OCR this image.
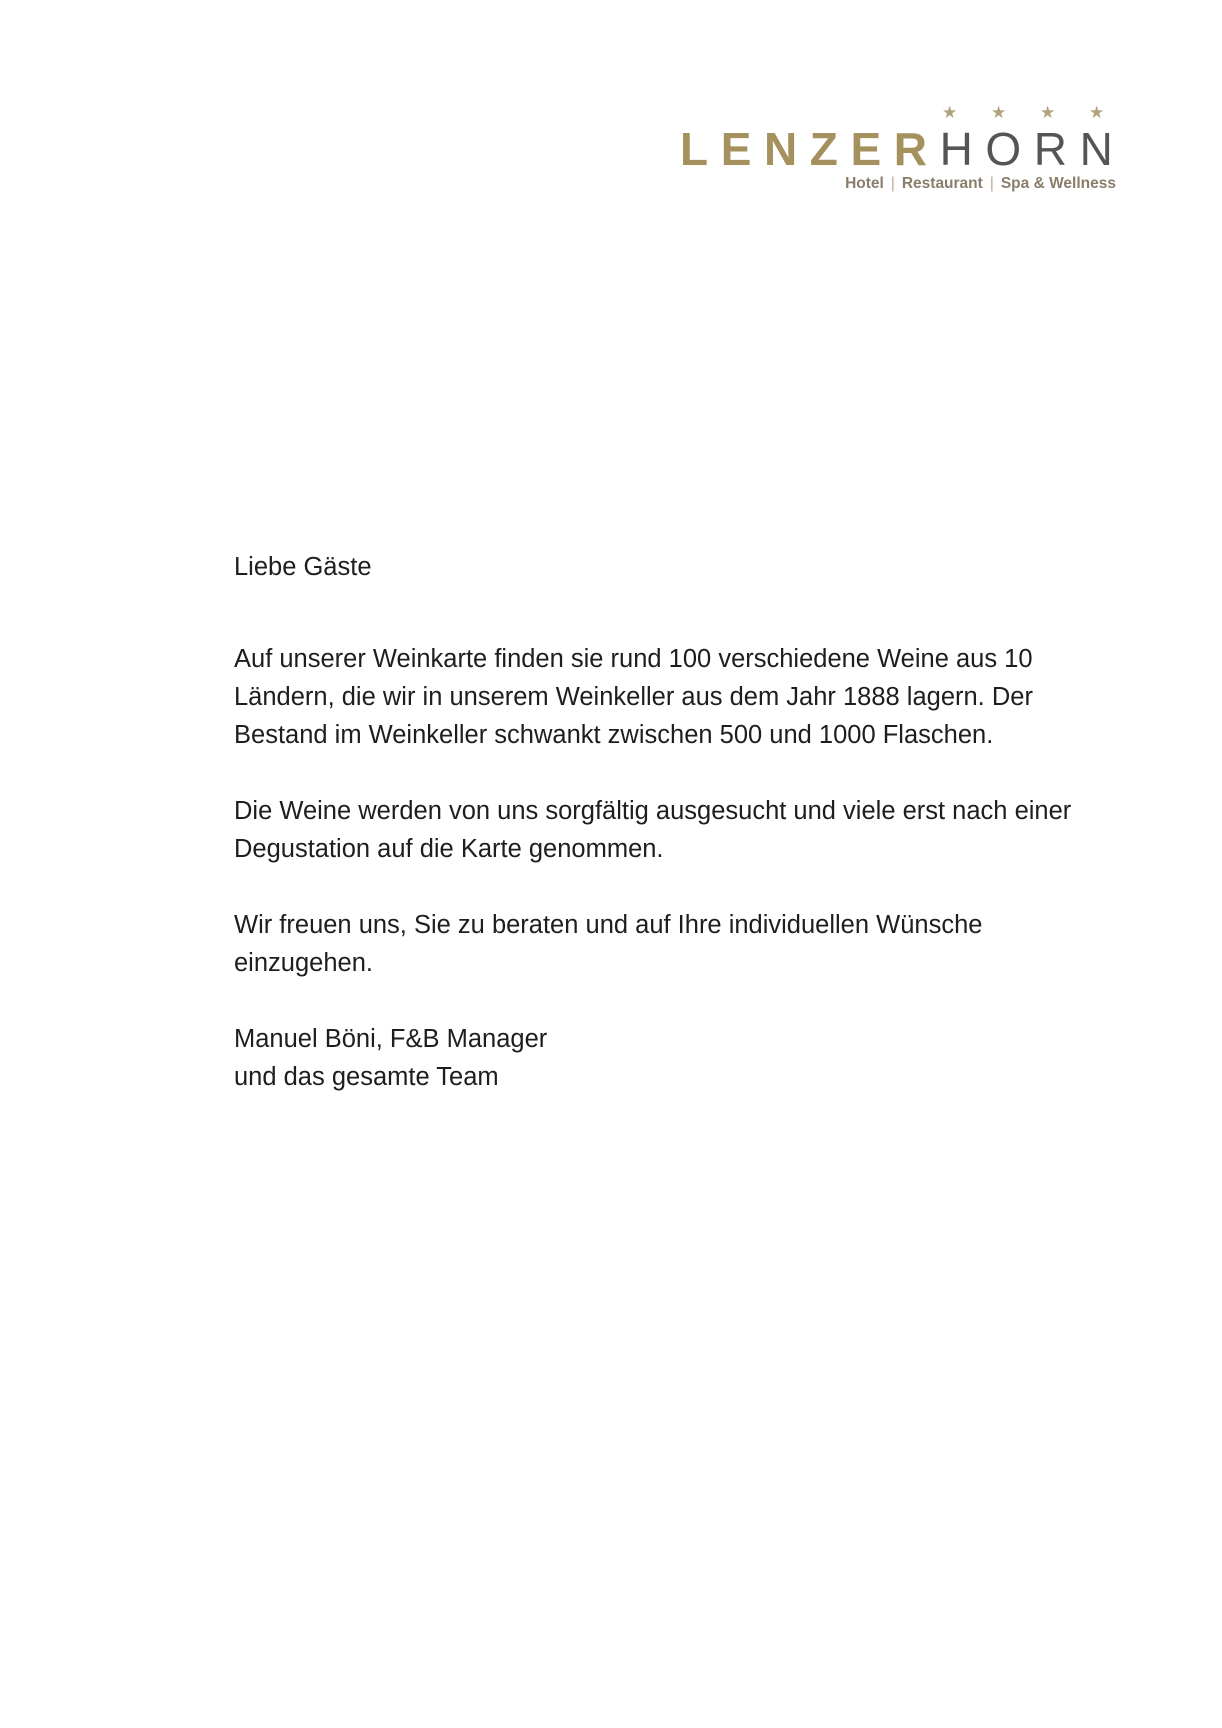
★ ★ ★ ★
LENZERHORN
Hotel | Restaurant | Spa & Wellness

Liebe Gäste

Auf unserer Weinkarte finden sie rund 100 verschiedene Weine aus 10

Ländern, die wir in unserem Weinkeller aus dem Jahr 1888 lagern. Der

Bestand im Weinkeller schwankt zwischen 500 und 1000 Flaschen.

Die Weine werden von uns sorgfältig ausgesucht und viele erst nach einer

Degustation auf die Karte genommen.

Wir freuen uns, Sie zu beraten und auf Ihre individuellen Wünsche

einzugehen.

Manuel Böni, F&B Manager

und das gesamte Team
